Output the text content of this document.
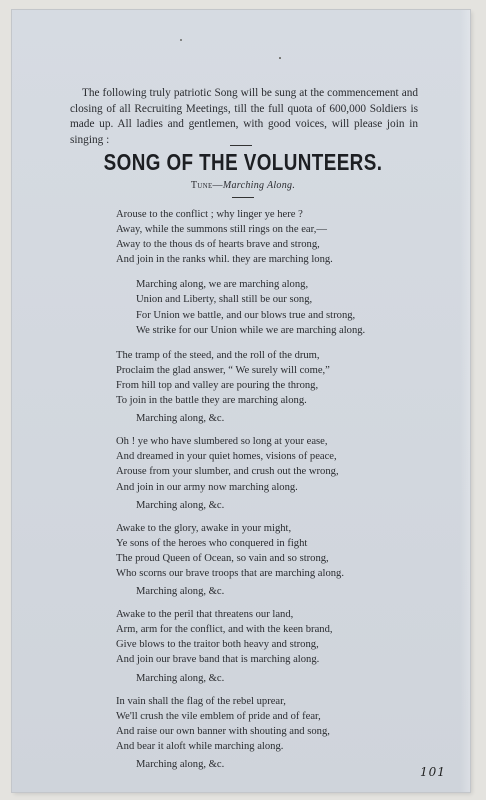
The following truly patriotic Song will be sung at the commencement and closing of all Recruiting Meetings, till the full quota of 600,000 Soldiers is made up. All ladies and gentlemen, with good voices, will please join in singing :

SONG OF THE VOLUNTEERS.
Tune—Marching Along.
Arouse to the conflict ; why linger ye here ?
Away, while the summons still rings on the ear,—
Away to the thous ds of hearts brave and strong,
And join in the ranks whil. they are marching long.
Marching along, we are marching along,
Union and Liberty, shall still be our song,
For Union we battle, and our blows true and strong,
We strike for our Union while we are marching along.
The tramp of the steed, and the roll of the drum,
Proclaim the glad answer, “ We surely will come,”
From hill top and valley are pouring the throng,
To join in the battle they are marching along.
Marching along, &c.
Oh ! ye who have slumbered so long at your ease,
And dreamed in your quiet homes, visions of peace,
Arouse from your slumber, and crush out the wrong,
And join in our army now marching along.
Marching along, &c.
Awake to the glory, awake in your might,
Ye sons of the heroes who conquered in fight
The proud Queen of Ocean, so vain and so strong,
Who scorns our brave troops that are marching along.
Marching along, &c.
Awake to the peril that threatens our land,
Arm, arm for the conflict, and with the keen brand,
Give blows to the traitor both heavy and strong,
And join our brave band that is marching along.
Marching along, &c.
In vain shall the flag of the rebel uprear,
We'll crush the vile emblem of pride and of fear,
And raise our own banner with shouting and song,
And bear it aloft while marching along.
Marching along, &c.
101
